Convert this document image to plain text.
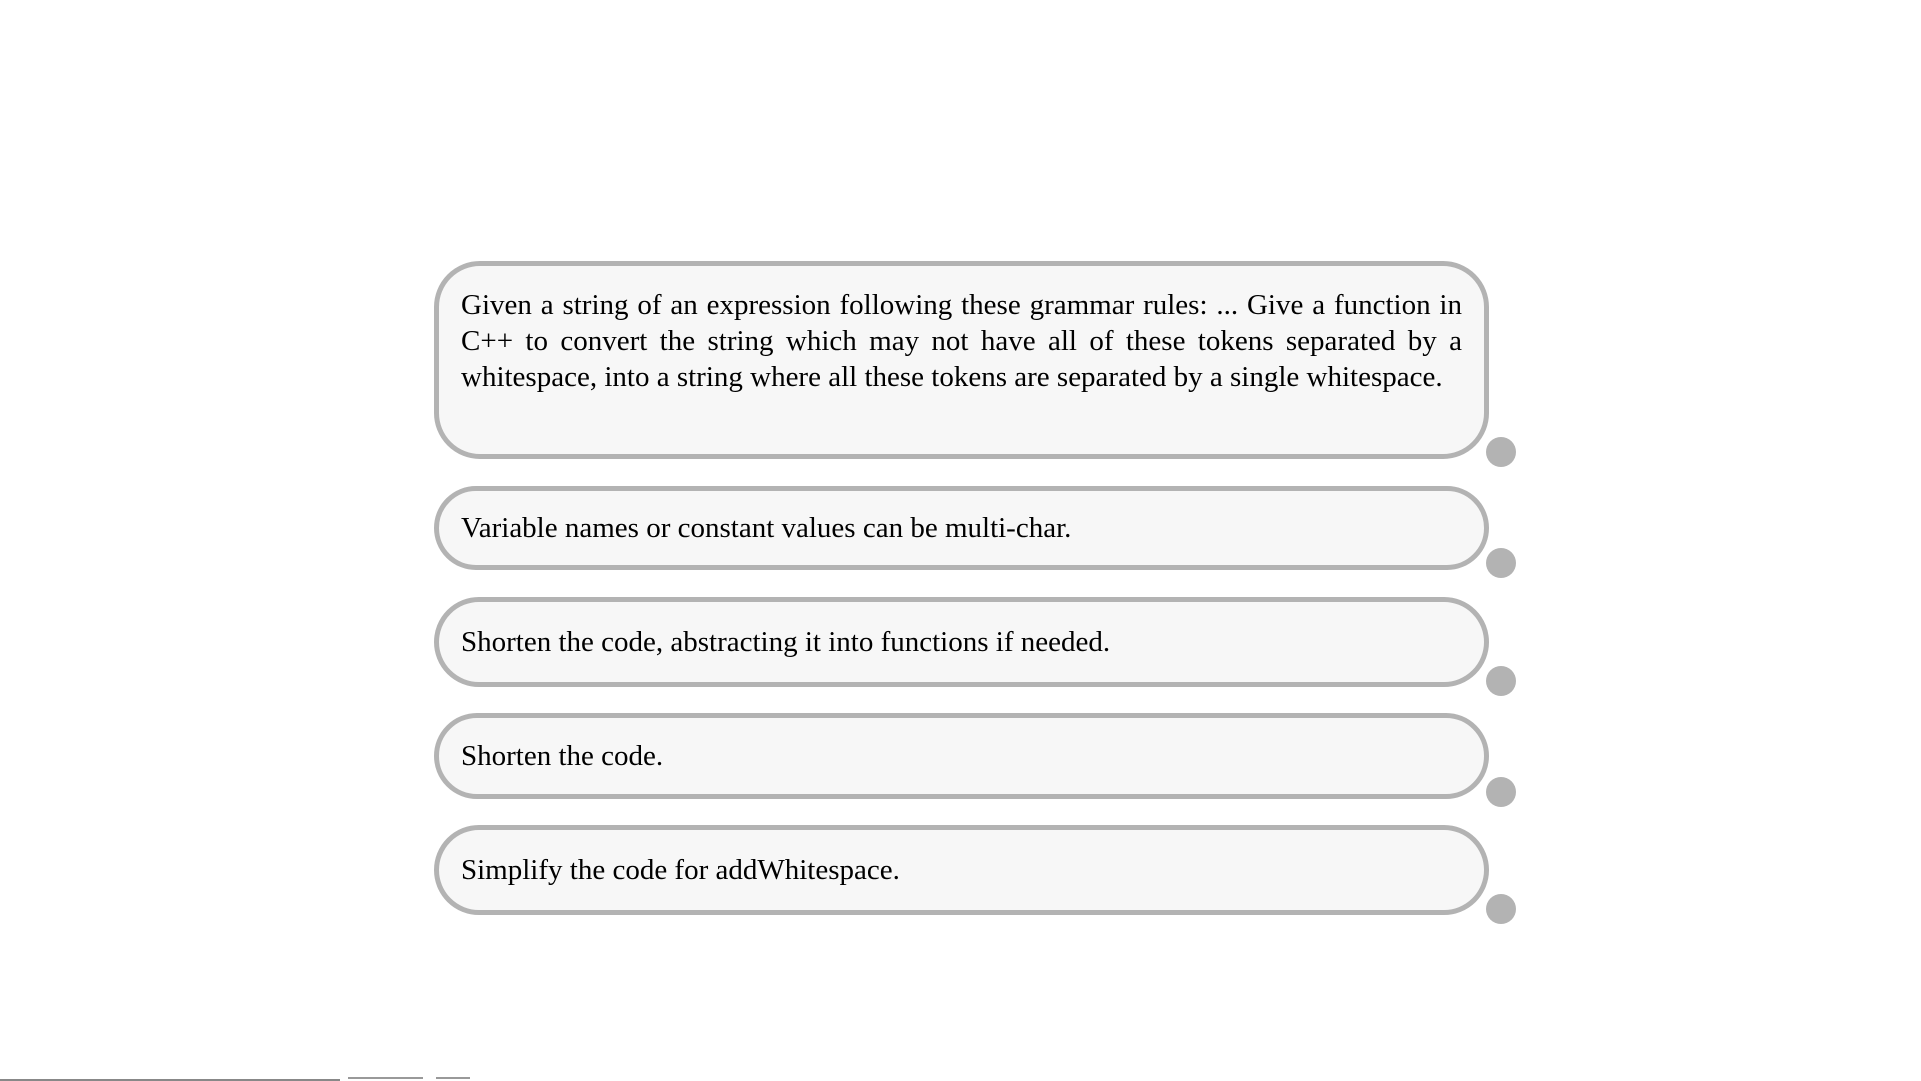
Given a string of an expression following these grammar rules: ... Give a function in C++ to convert the string which may not have all of these tokens separated by a whitespace, into a string where all these tokens are separated by a single whitespace.
Variable names or constant values can be multi-char.
Shorten the code, abstracting it into functions if needed.
Shorten the code.
Simplify the code for addWhitespace.
